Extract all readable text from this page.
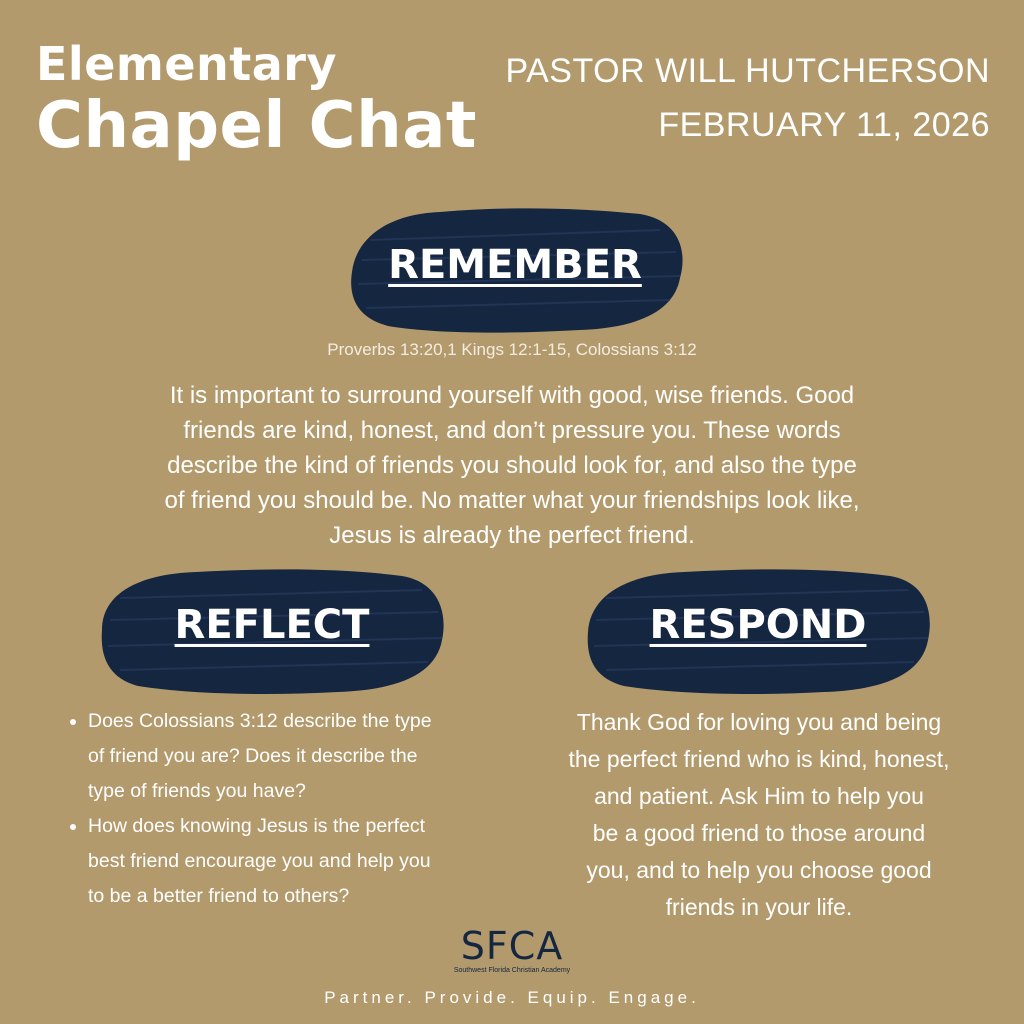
Elementary
Chapel Chat
PASTOR WILL HUTCHERSON
FEBRUARY 11, 2026
REMEMBER
Proverbs 13:20,1 Kings 12:1-15, Colossians 3:12
It is important to surround yourself with good, wise friends. Good
friends are kind, honest, and don’t pressure you. These words
describe the kind of friends you should look for, and also the type
of friend you should be. No matter what your friendships look like,
Jesus is already the perfect friend.
REFLECT	RESPOND
• Does Colossians 3:12 describe the type
of friend you are? Does it describe the
type of friends you have?
• How does knowing Jesus is the perfect
best friend encourage you and help you
to be a better friend to others?
Thank God for loving you and being
the perfect friend who is kind, honest,
and patient. Ask Him to help you
be a good friend to those around
you, and to help you choose good
friends in your life.
SFCA
Southwest Florida Christian Academy
Partner. Provide. Equip. Engage.
